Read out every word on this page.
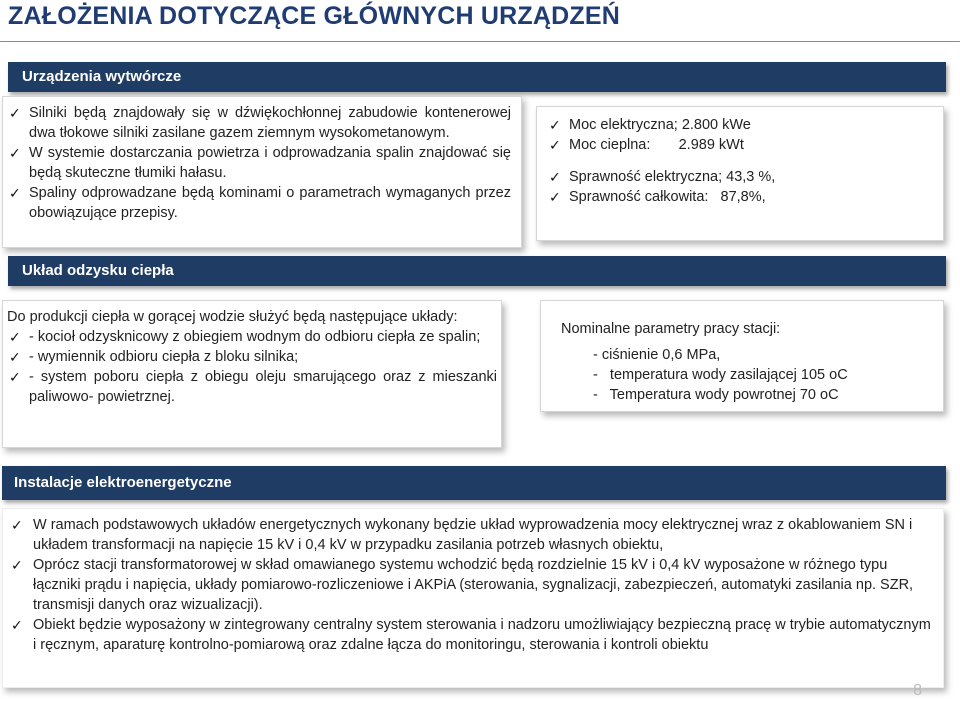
ZAŁOŻENIA DOTYCZĄCE GŁÓWNYCH URZĄDZEŃ
Urządzenia wytwórcze
✓ Silniki będą znajdowały się w dźwiękochłonnej zabudowie kontenerowej dwa tłokowe silniki zasilane gazem ziemnym wysokometanowym.
✓ W systemie dostarczania powietrza i odprowadzania spalin znajdować się będą skuteczne tłumiki hałasu.
✓ Spaliny odprowadzane będą kominami o parametrach wymaganych przez obowiązujące przepisy.
✓ Moc elektryczna; 2.800 kWe
✓ Moc cieplna:       2.989 kWt
✓ Sprawność elektryczna; 43,3 %,
✓ Sprawność całkowita:   87,8%,
Układ odzysku ciepła
Do produkcji ciepła w gorącej wodzie służyć będą następujące układy:
✓ - kocioł odzysknicowy z obiegiem wodnym do odbioru ciepła ze spalin;
✓ - wymiennik odbioru ciepła z bloku silnika;
✓ - system poboru ciepła z obiegu oleju smarującego oraz z mieszanki paliwowo- powietrznej.
Nominalne parametry pracy stacji:
- ciśnienie 0,6 MPa,
-   temperatura wody zasilającej 105 oC
-   Temperatura wody powrotnej 70 oC
Instalacje elektroenergetyczne
✓ W ramach podstawowych układów energetycznych wykonany będzie układ wyprowadzenia mocy elektrycznej wraz z okablowaniem SN i układem transformacji na napięcie 15 kV i 0,4 kV w przypadku zasilania potrzeb własnych obiektu,
✓ Oprócz stacji transformatorowej w skład omawianego systemu wchodzić będą rozdzielnie 15 kV i 0,4 kV wyposażone w różnego typu łączniki prądu i napięcia, układy pomiarowo-rozliczeniowe i AKPiA (sterowania, sygnalizacji, zabezpieczeń, automatyki zasilania np. SZR, transmisji danych oraz wizualizacji).
✓ Obiekt będzie wyposażony w zintegrowany centralny system sterowania i nadzoru umożliwiający bezpieczną pracę w trybie automatycznym i ręcznym, aparaturę kontrolno-pomiarową oraz zdalne łącza do monitoringu, sterowania i kontroli obiektu
8
